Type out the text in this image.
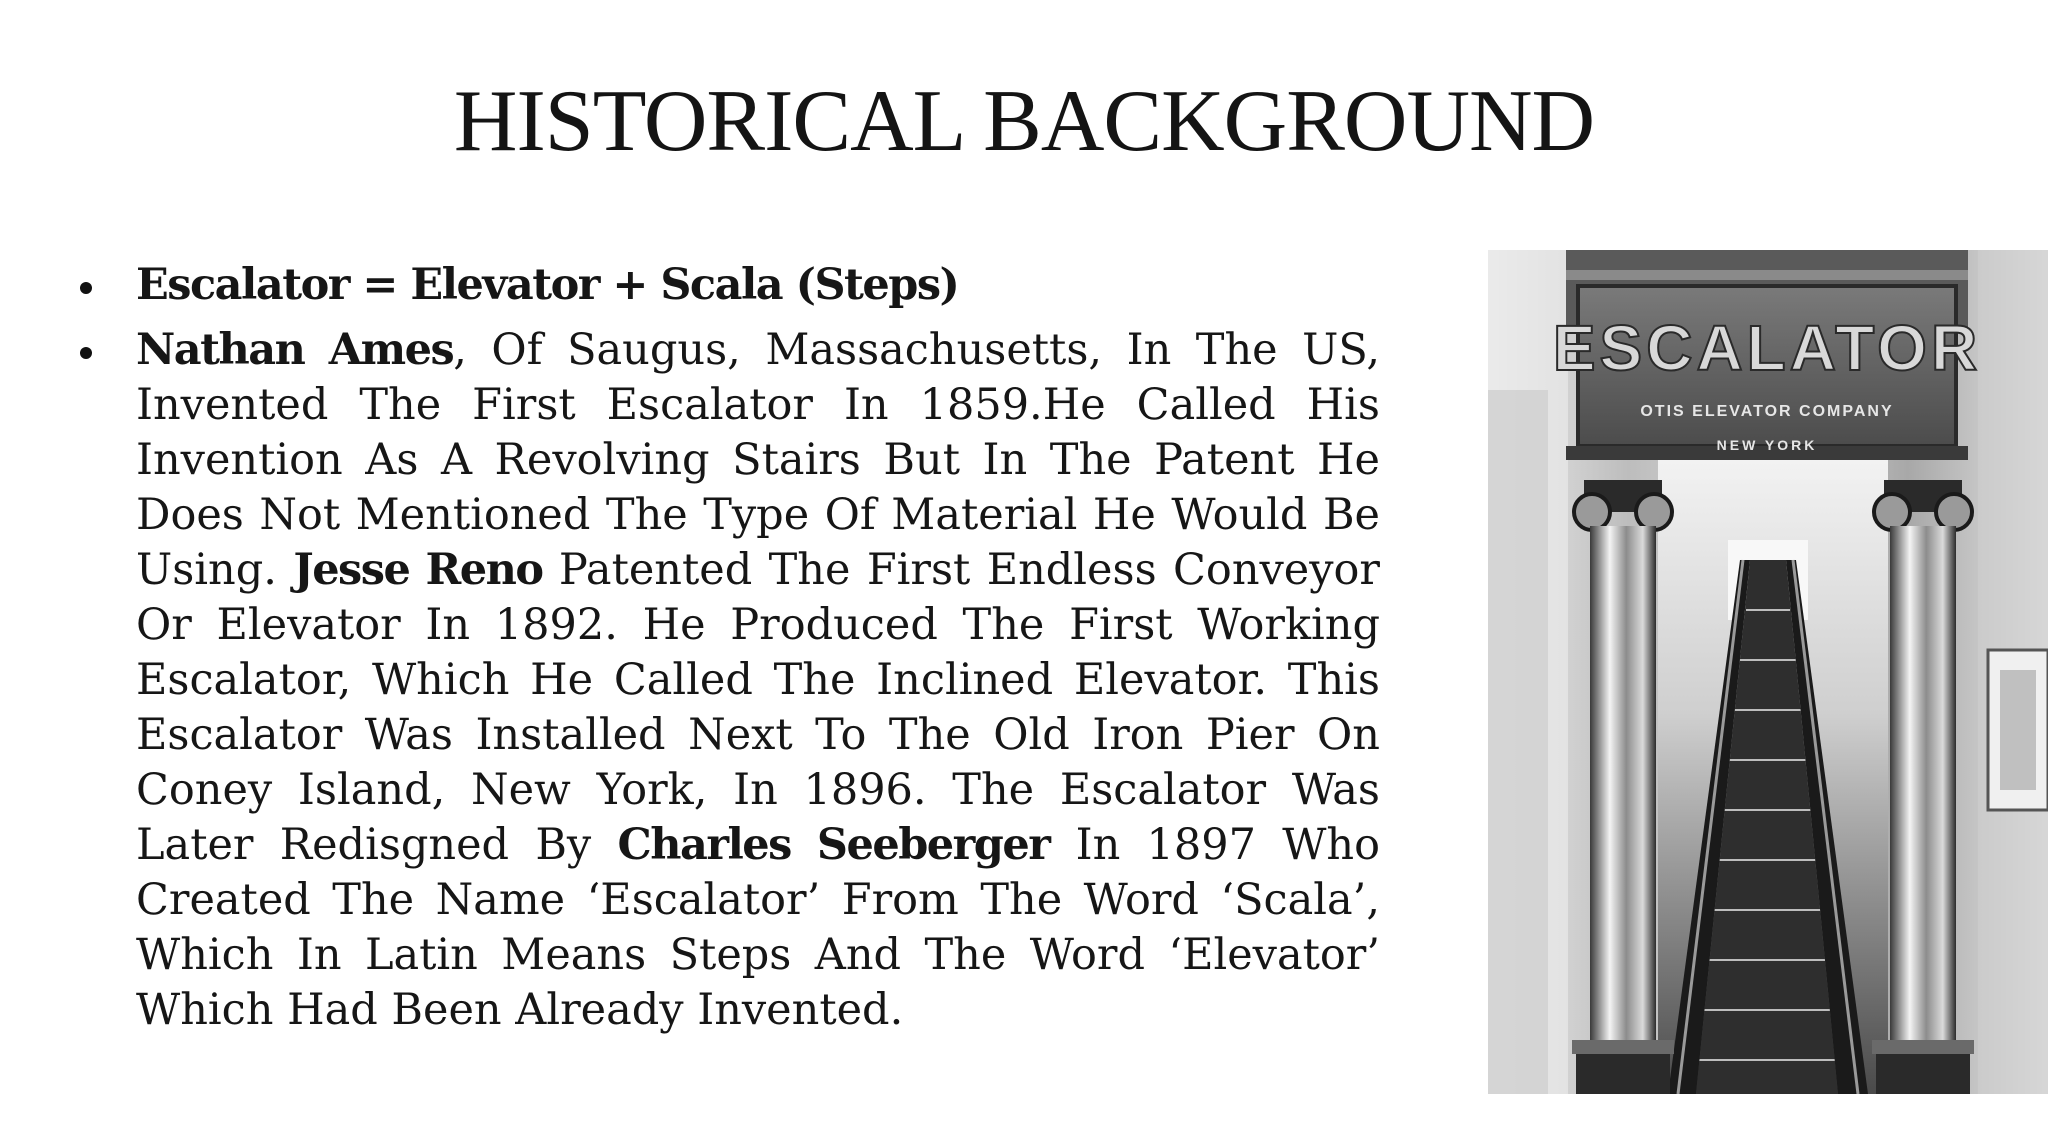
HISTORICAL BACKGROUND
Escalator = Elevator + Scala (Steps)
Nathan Ames, Of Saugus, Massachusetts, In The US, Invented The First Escalator In 1859.He Called His Invention As A Revolving Stairs But In The Patent He Does Not Mentioned The Type Of Material He Would Be Using. Jesse Reno Patented The First Endless Conveyor Or Elevator In 1892. He Produced The First Working Escalator, Which He Called The Inclined Elevator. This Escalator Was Installed Next To The Old Iron Pier On Coney Island, New York, In 1896. The Escalator Was Later Redisgned By Charles Seeberger In 1897 Who Created The Name ‘Escalator’ From The Word ‘Scala’, Which In Latin Means Steps And The Word ‘Elevator’ Which Had Been Already Invented.
ESCALATOR
OTIS ELEVATOR COMPANY
NEW YORK
